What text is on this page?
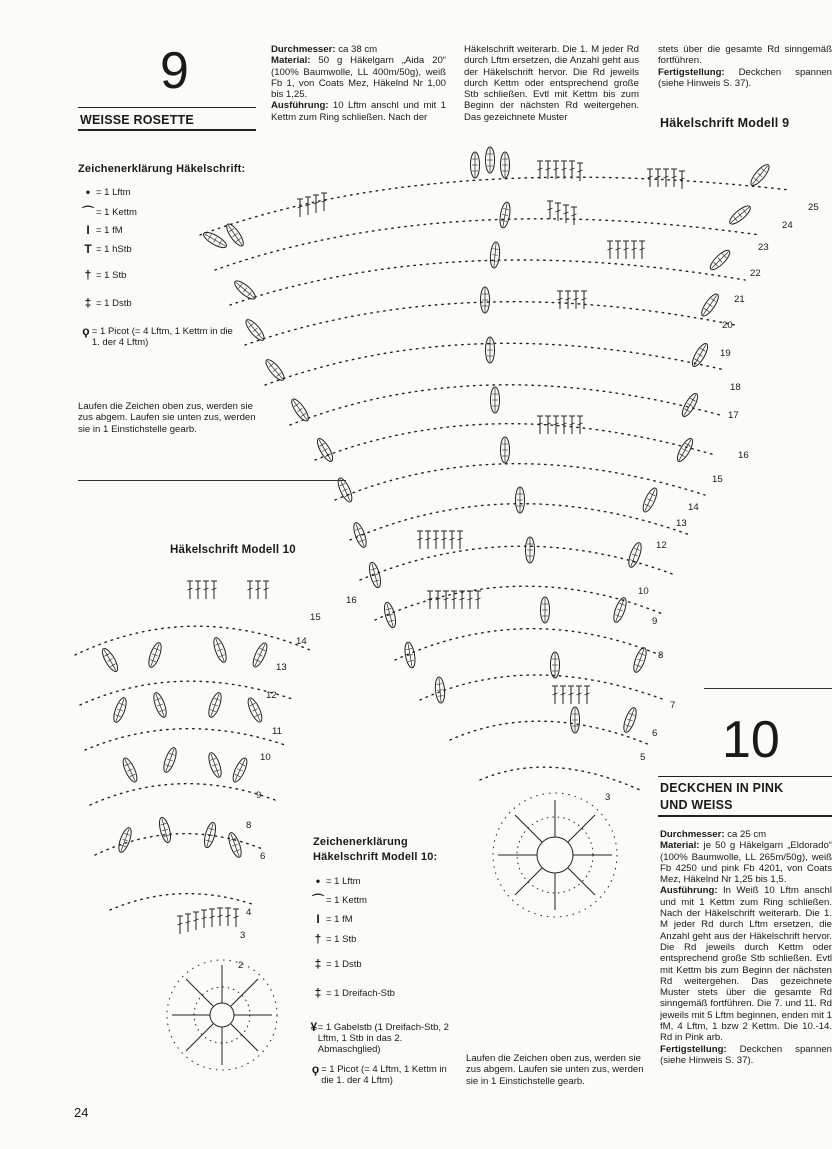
25
24
23
22
21
20
19
18
17
16
15
14
13
12
10
9
8
7
6
5
3
16
15
14
13
12
11
10
9
8
6
4
3
2
9
WEISSE ROSETTE

Durchmesser: ca 38 cm

Material: 50 g Häkelgarn „Aida 20“ (100% Baumwolle, LL 400m/50g), weiß Fb 1, von Coats Mez, Häkelnd Nr 1,00 bis 1,25.

Ausführung: 10 Lftm anschl und mit 1 Kettm zum Ring schließen. Nach der

Häkelschrift weiterarb. Die 1. M jeder Rd durch Lftm ersetzen, die Anzahl geht aus der Häkelschrift hervor. Die Rd jeweils durch Kettm oder entsprechend große Stb schließen. Evtl mit Kettm bis zum Beginn der nächsten Rd weitergehen. Das gezeichnete Muster

stets über die gesamte Rd sinngemäß fortführen.

Fertigstellung: Deckchen spannen (siehe Hinweis S. 37).

Häkelschrift Modell 9
Zeichenerklärung Häkelschrift:
• = 1 Lftm
⌒ = 1 Kettm
I = 1 fM
T = 1 hStb
† = 1 Stb
‡ = 1 Dstb
ϙ = 1 Picot (= 4 Lftm, 1 Kettm in die 1. der 4 Lftm)
Laufen die Zeichen oben zus, werden sie zus abgem. Laufen sie unten zus, werden sie in 1 Einstichstelle gearb.
Häkelschrift Modell 10
10
DECKCHEN IN PINK
UND WEISS

Durchmesser: ca 25 cm

Material: je 50 g Häkelgarn „Eldorado“ (100% Baumwolle, LL 265m/50g), weiß Fb 4250 und pink Fb 4201, von Coats Mez, Häkelnd Nr 1,25 bis 1,5.

Ausführung: In Weiß 10 Lftm anschl und mit 1 Kettm zum Ring schließen. Nach der Häkelschrift weiterarb. Die 1. M jeder Rd durch Lftm ersetzen, die Anzahl geht aus der Häkelschrift hervor. Die Rd jeweils durch Kettm oder entsprechend große Stb schließen. Evtl mit Kettm bis zum Beginn der nächsten Rd weitergehen. Das gezeichnete Muster stets über die gesamte Rd sinngemäß fortführen. Die 7. und 11. Rd jeweils mit 5 Lftm beginnen, enden mit 1 fM, 4 Lftm, 1 bzw 2 Kettm. Die 10.-14. Rd in Pink arb.

Fertigstellung: Deckchen spannen (siehe Hinweis S. 37).

Zeichenerklärung
Häkelschrift Modell 10:
• = 1 Lftm
⌒ = 1 Kettm
I = 1 fM
† = 1 Stb
‡ = 1 Dstb
‡ = 1 Dreifach-Stb
¥ = 1 Gabelstb (1 Dreifach-Stb, 2 Lftm, 1 Stb in das 2. Abmaschglied)
ϙ = 1 Picot (= 4 Lftm, 1 Kettm in die 1. der 4 Lftm)
Laufen die Zeichen oben zus, werden sie zus abgem. Laufen sie unten zus, werden sie in 1 Einstichstelle gearb.
24
